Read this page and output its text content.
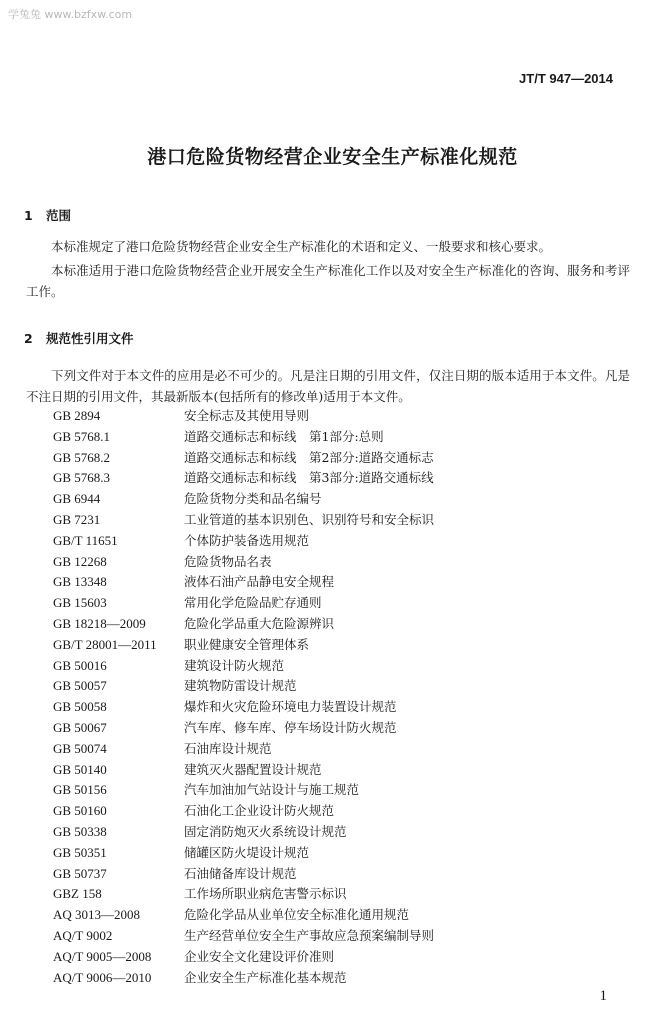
学兔兔 www.bzfxw.com
JT/T 947—2014
港口危险货物经营企业安全生产标准化规范
1 范围

本标准规定了港口危险货物经营企业安全生产标准化的术语和定义、一般要求和核心要求。

本标准适用于港口危险货物经营企业开展安全生产标准化工作以及对安全生产标准化的咨询、服务和考评工作。

2 规范性引用文件

下列文件对于本文件的应用是必不可少的。凡是注日期的引用文件，仅注日期的版本适用于本文件。凡是不注日期的引用文件，其最新版本(包括所有的修改单)适用于本文件。

GB 2894	安全标志及其使用导则
GB 5768.1	道路交通标志和标线　第1部分:总则
GB 5768.2	道路交通标志和标线　第2部分:道路交通标志
GB 5768.3	道路交通标志和标线　第3部分:道路交通标线
GB 6944	危险货物分类和品名编号
GB 7231	工业管道的基本识别色、识别符号和安全标识
GB/T 11651	个体防护装备选用规范
GB 12268	危险货物品名表
GB 13348	液体石油产品静电安全规程
GB 15603	常用化学危险品贮存通则
GB 18218—2009	危险化学品重大危险源辨识
GB/T 28001—2011 职业健康安全管理体系
GB 50016	建筑设计防火规范
GB 50057	建筑物防雷设计规范
GB 50058	爆炸和火灾危险环境电力装置设计规范
GB 50067	汽车库、修车库、停车场设计防火规范
GB 50074	石油库设计规范
GB 50140	建筑灭火器配置设计规范
GB 50156	汽车加油加气站设计与施工规范
GB 50160	石油化工企业设计防火规范
GB 50338	固定消防炮灭火系统设计规范
GB 50351	储罐区防火堤设计规范
GB 50737	石油储备库设计规范
GBZ 158	工作场所职业病危害警示标识
AQ 3013—2008	危险化学品从业单位安全标准化通用规范
AQ/T 9002	生产经营单位安全生产事故应急预案编制导则
AQ/T 9005—2008	企业安全文化建设评价准则
AQ/T 9006—2010	企业安全生产标准化基本规范
1
